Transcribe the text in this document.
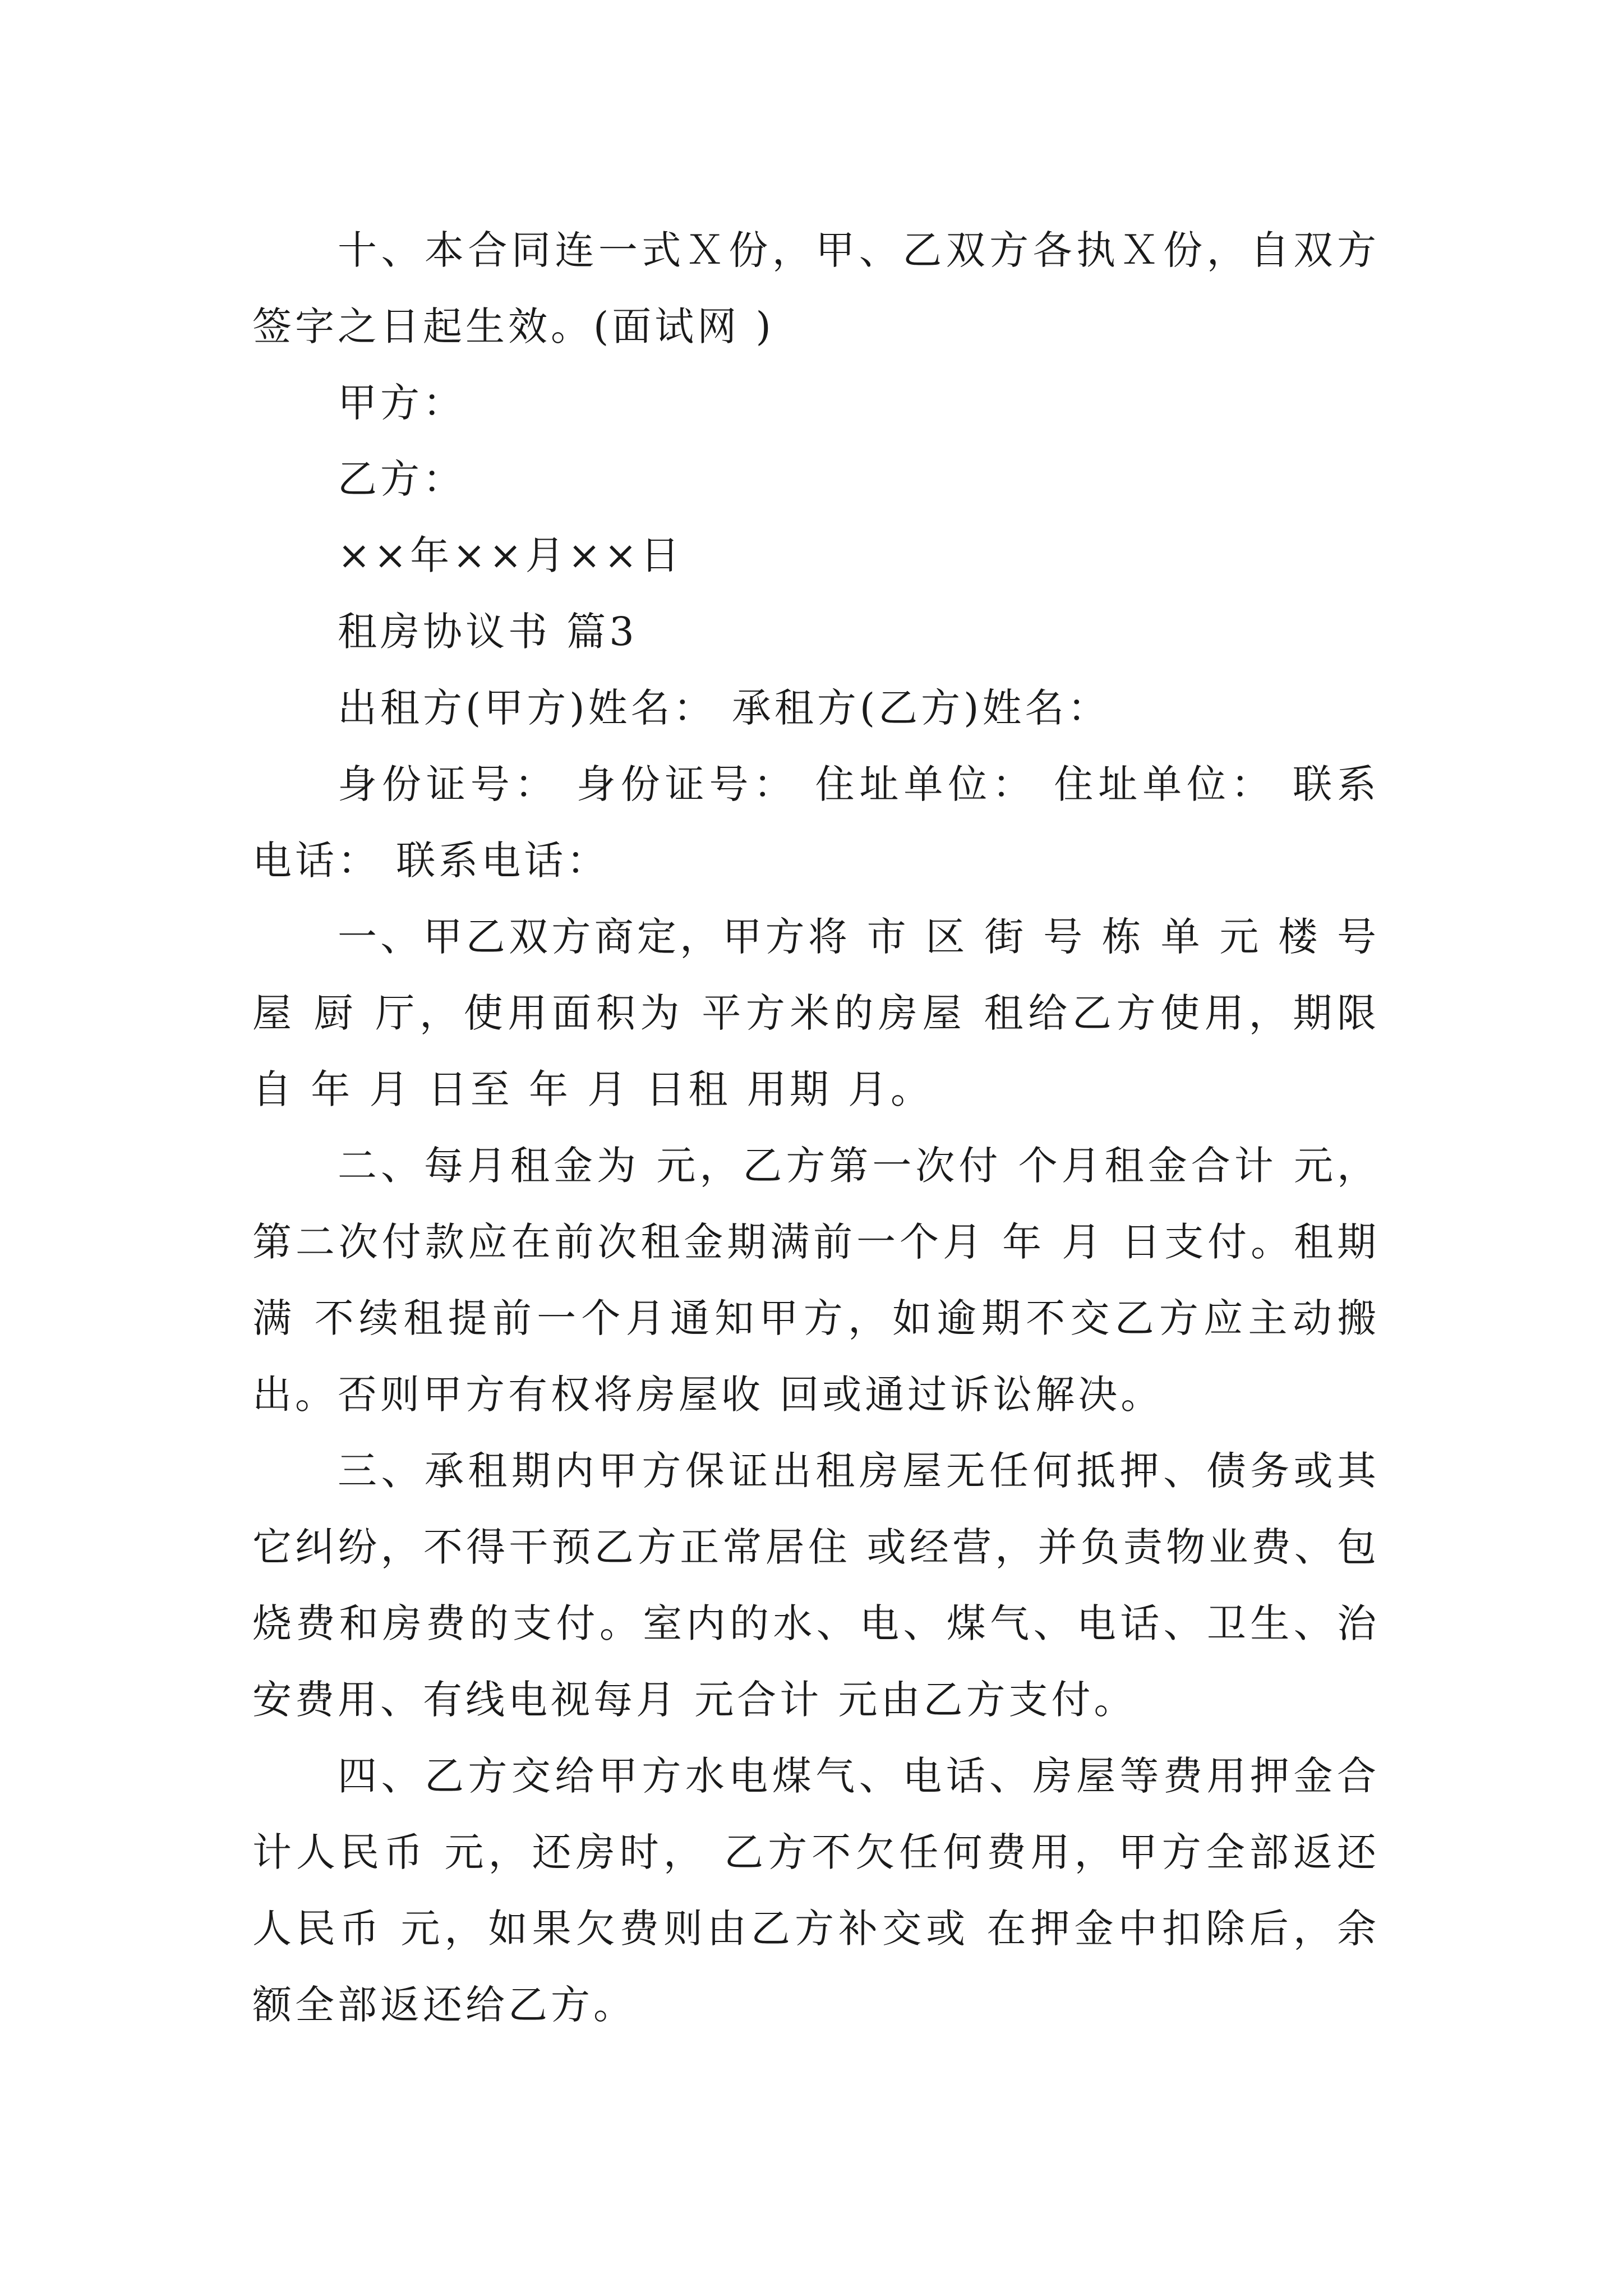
十、本合同连一式Ｘ份，甲、乙双方各执Ｘ份，自双方签字之日起生效。(面试网 )

甲方：

乙方：

××年××月××日

租房协议书 篇3

出租方(甲方)姓名： 承租方(乙方)姓名：

身份证号： 身份证号： 住址单位： 住址单位： 联系电话： 联系电话：

一、甲乙双方商定，甲方将 市 区 街 号 栋 单 元 楼 号 屋 厨 厅，使用面积为 平方米的房屋 租给乙方使用，期限自 年 月 日至 年 月 日租 用期 月。

二、每月租金为 元，乙方第一次付 个月租金合计 元，第二次付款应在前次租金期满前一个月 年 月 日支付。租期满 不续租提前一个月通知甲方，如逾期不交乙方应主动搬出。否则甲方有权将房屋收 回或通过诉讼解决。

三、承租期内甲方保证出租房屋无任何抵押、债务或其它纠纷，不得干预乙方正常居住 或经营，并负责物业费、包烧费和房费的支付。室内的水、电、煤气、电话、卫生、治安费用、有线电视每月 元合计 元由乙方支付。

四、乙方交给甲方水电煤气、电话、房屋等费用押金合计人民币 元，还房时， 乙方不欠任何费用，甲方全部返还人民币 元，如果欠费则由乙方补交或 在押金中扣除后，余额全部返还给乙方。
